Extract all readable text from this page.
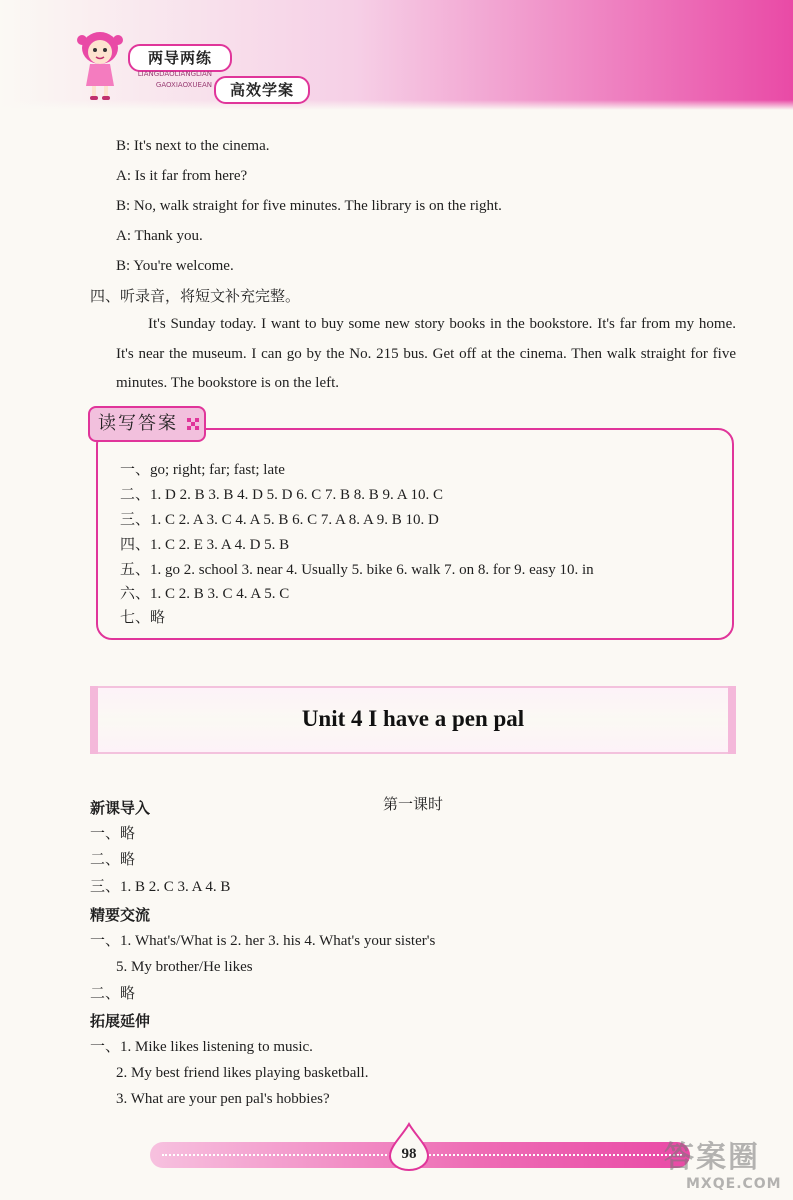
两导两练
LIANGDAOLIANGLIAN
GAOXIAOXUEAN	高效学案
B: It's next to the cinema.
A: Is it far from here?
B: No, walk straight for five minutes. The library is on the right.
A: Thank you.
B: You're welcome.
四、听录音，将短文补充完整。
It's Sunday today. I want to buy some new story books in the bookstore. It's far from my home. It's near the museum. I can go by the No. 215 bus. Get off at the cinema. Then walk straight for five minutes. The bookstore is on the left.
读写答案
一、go; right; far; fast; late
二、1. D 2. B 3. B 4. D 5. D 6. C 7. B 8. B 9. A 10. C
三、1. C 2. A 3. C 4. A 5. B 6. C 7. A 8. A 9. B 10. D
四、1. C 2. E 3. A 4. D 5. B
五、1. go 2. school 3. near 4. Usually 5. bike 6. walk 7. on 8. for 9. easy 10. in
六、1. C 2. B 3. C 4. A 5. C
七、略
Unit 4 I have a pen pal
第一课时
新课导入
一、略
二、略
三、1. B 2. C 3. A 4. B
精要交流
一、1. What's/What is 2. her 3. his 4. What's your sister's
5. My brother/He likes
二、略
拓展延伸
一、1. Mike likes listening to music.
2. My best friend likes playing basketball.
3. What are your pen pal's hobbies?
98	答案圈
MXQE.COM
